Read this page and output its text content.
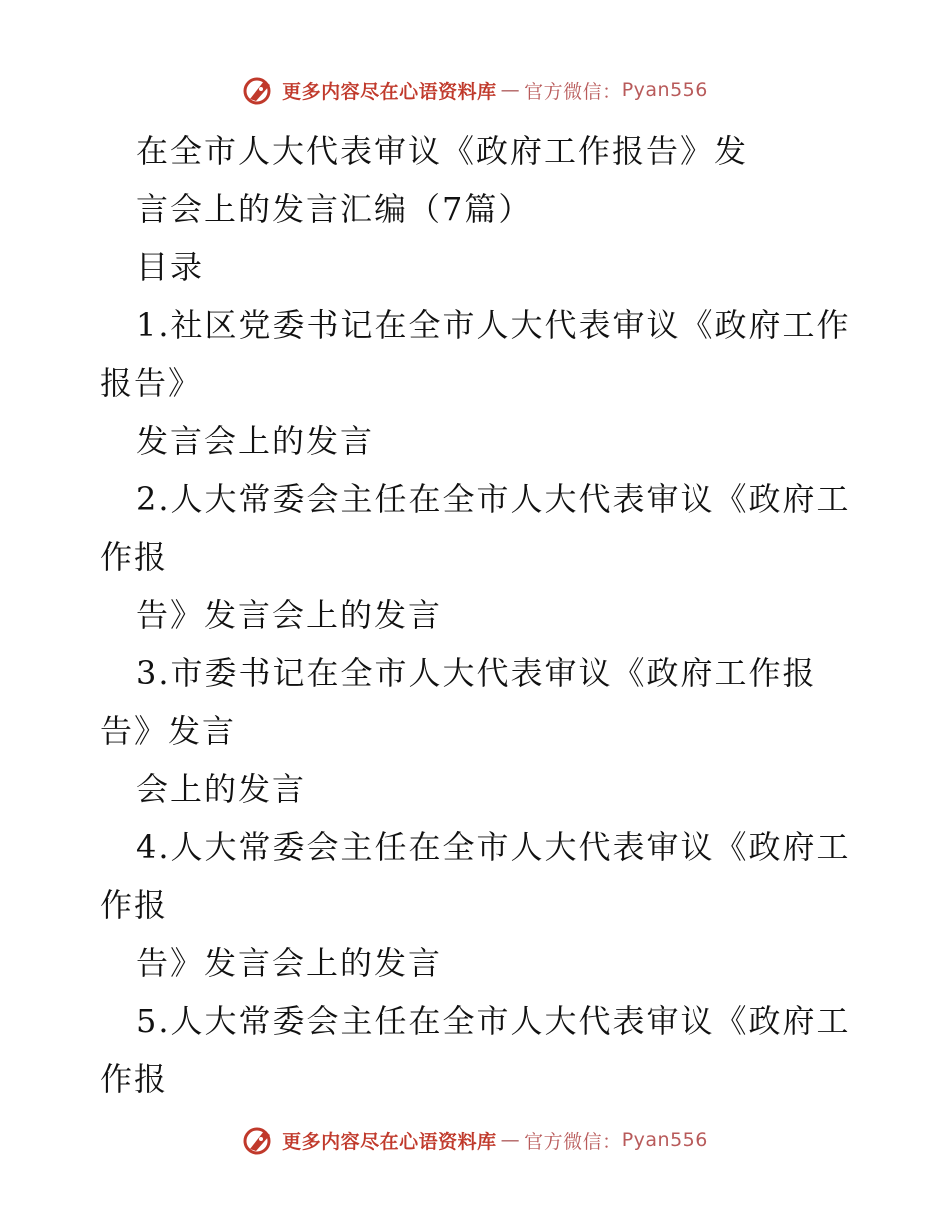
更多内容尽在心语资料库 — 官方微信： Pyan556
在全市人大代表审议《政府工作报告》发
言会上的发言汇编（7篇）
目录
1.社区党委书记在全市人大代表审议《政府工作
报告》
发言会上的发言
2.人大常委会主任在全市人大代表审议《政府工
作报
告》发言会上的发言
3.市委书记在全市人大代表审议《政府工作报
告》发言
会上的发言
4.人大常委会主任在全市人大代表审议《政府工
作报
告》发言会上的发言
5.人大常委会主任在全市人大代表审议《政府工
作报
更多内容尽在心语资料库 — 官方微信： Pyan556
